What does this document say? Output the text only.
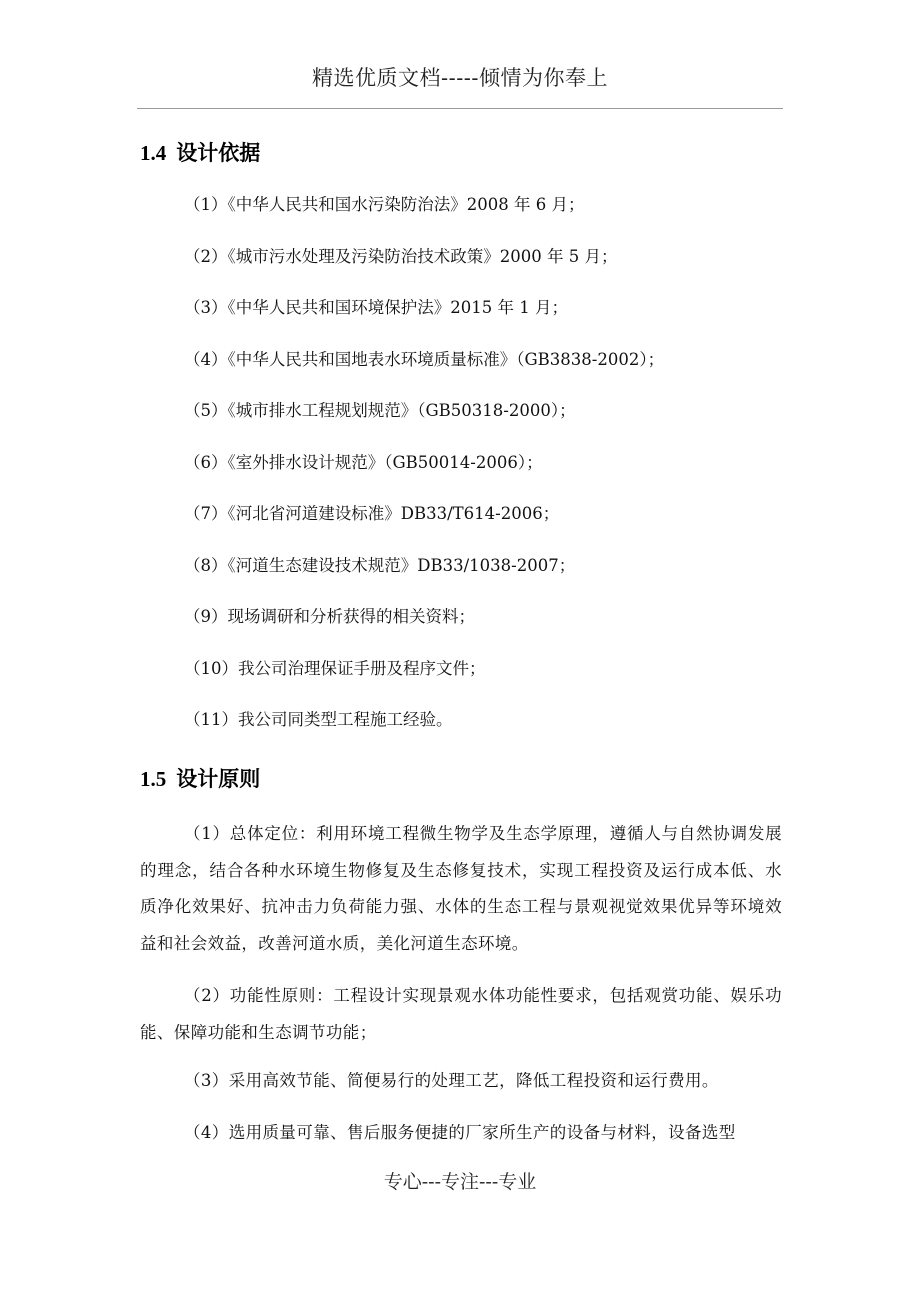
精选优质文档-----倾情为你奉上
1.4 设计依据
（1）《中华人民共和国水污染防治法》2008 年 6 月；
（2）《城市污水处理及污染防治技术政策》2000 年 5 月；
（3）《中华人民共和国环境保护法》2015 年 1 月；
（4）《中华人民共和国地表水环境质量标准》（GB3838-2002）；
（5）《城市排水工程规划规范》（GB50318-2000）；
（6）《室外排水设计规范》（GB50014-2006）；
（7）《河北省河道建设标准》DB33/T614-2006；
（8）《河道生态建设技术规范》DB33/1038-2007；
（9）现场调研和分析获得的相关资料；
（10）我公司治理保证手册及程序文件；
（11）我公司同类型工程施工经验。
1.5 设计原则
（1）总体定位：利用环境工程微生物学及生态学原理，遵循人与自然协调发展的理念，结合各种水环境生物修复及生态修复技术，实现工程投资及运行成本低、水质净化效果好、抗冲击力负荷能力强、水体的生态工程与景观视觉效果优异等环境效益和社会效益，改善河道水质，美化河道生态环境。
（2）功能性原则：工程设计实现景观水体功能性要求，包括观赏功能、娱乐功能、保障功能和生态调节功能；
（3）采用高效节能、简便易行的处理工艺，降低工程投资和运行费用。
（4）选用质量可靠、售后服务便捷的厂家所生产的设备与材料，设备选型
专心---专注---专业
